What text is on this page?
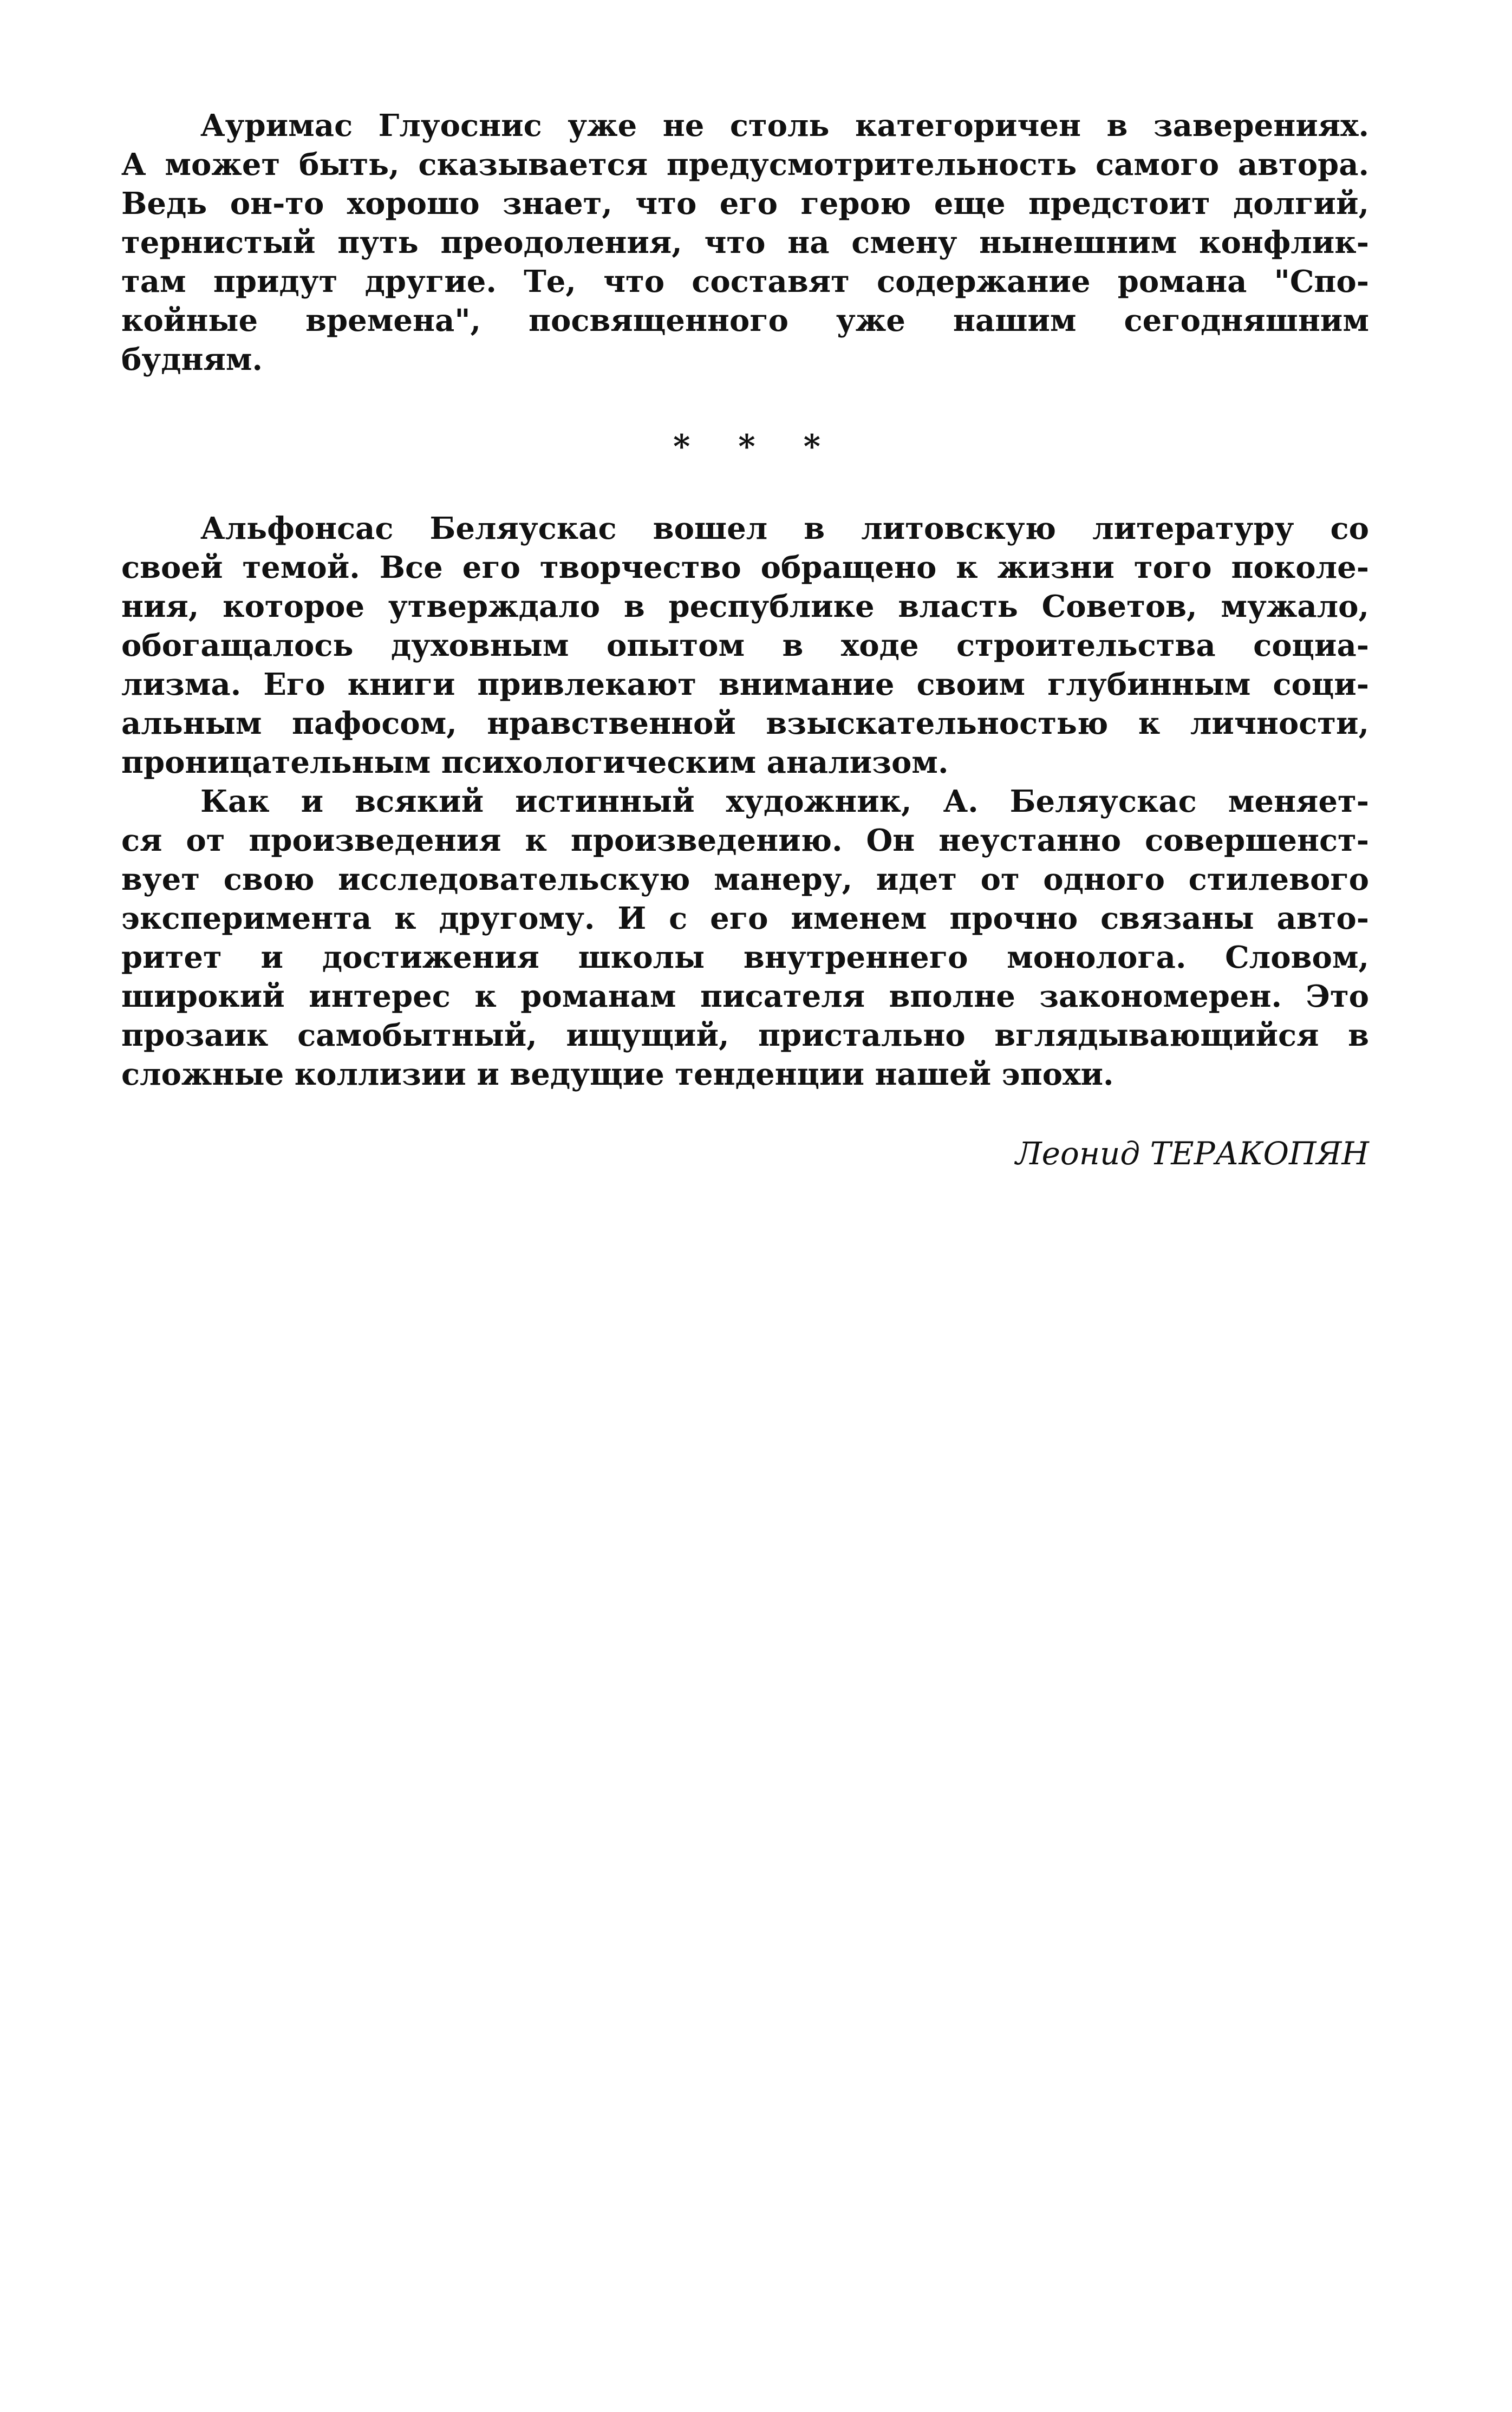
Ауримас Глуоснис уже не столь категоричен в заверениях.
А может быть, сказывается предусмотрительность самого автора.
Ведь он-то хорошо знает, что его герою еще предстоит долгий,
тернистый путь преодоления, что на смену нынешним конфлик-
там придут другие. Те, что составят содержание романа "Спо-
койные времена", посвященного уже нашим сегодняшним
будням.
* * *
Альфонсас Беляускас вошел в литовскую литературу со
своей темой. Все его творчество обращено к жизни того поколе-
ния, которое утверждало в республике власть Советов, мужало,
обогащалось духовным опытом в ходе строительства социа-
лизма. Его книги привлекают внимание своим глубинным соци-
альным пафосом, нравственной взыскательностью к личности,
проницательным психологическим анализом.
Как и всякий истинный художник, А. Беляускас меняет-
ся от произведения к произведению. Он неустанно совершенст-
вует свою исследовательскую манеру, идет от одного стилевого
эксперимента к другому. И с его именем прочно связаны авто-
ритет и достижения школы внутреннего монолога. Словом,
широкий интерес к романам писателя вполне закономерен. Это
прозаик самобытный, ищущий, пристально вглядывающийся в
сложные коллизии и ведущие тенденции нашей эпохи.
Леонид ТЕРАКОПЯН
